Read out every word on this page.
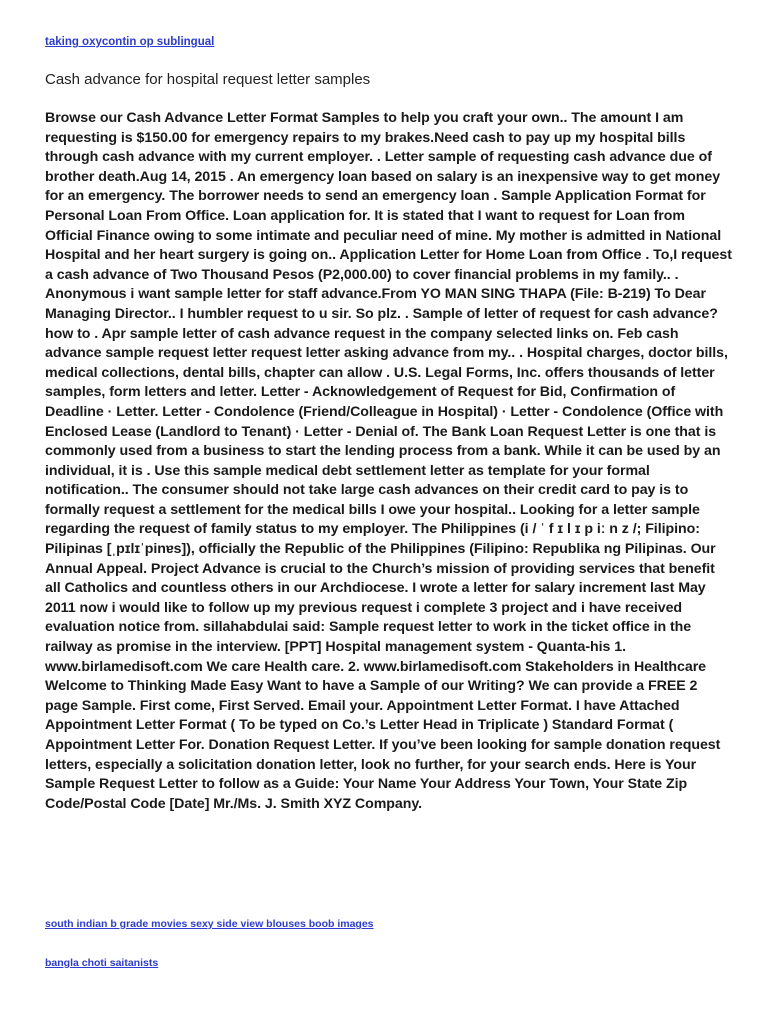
taking oxycontin op sublingual
Cash advance for hospital request letter samples

Browse our Cash Advance Letter Format Samples to help you craft your own.. The amount I am requesting is $150.00 for emergency repairs to my brakes.Need cash to pay up my hospital bills through cash advance with my current employer. . Letter sample of requesting cash advance due of brother death.Aug 14, 2015 . An emergency loan based on salary is an inexpensive way to get money for an emergency. The borrower needs to send an emergency loan . Sample Application Format for Personal Loan From Office. Loan application for. It is stated that I want to request for Loan from Official Finance owing to some intimate and peculiar need of mine. My mother is admitted in National Hospital and her heart surgery is going on.. Application Letter for Home Loan from Office . To,I request a cash advance of Two Thousand Pesos (P2,000.00) to cover financial problems in my family.. . Anonymous i want sample letter for staff advance.From YO MAN SING THAPA (File: B-219) To Dear Managing Director.. I humbler request to u sir. So plz. . Sample of letter of request for cash advance? how to . Apr sample letter of cash advance request in the company selected links on. Feb cash advance sample request letter request letter asking advance from my.. . Hospital charges, doctor bills, medical collections, dental bills, chapter can allow . U.S. Legal Forms, Inc. offers thousands of letter samples, form letters and letter. Letter - Acknowledgement of Request for Bid, Confirmation of Deadline · Letter. Letter - Condolence (Friend/Colleague in Hospital) · Letter - Condolence (Office with Enclosed Lease (Landlord to Tenant) · Letter - Denial of. The Bank Loan Request Letter is one that is commonly used from a business to start the lending process from a bank. While it can be used by an individual, it is . Use this sample medical debt settlement letter as template for your formal notification.. The consumer should not take large cash advances on their credit card to pay is to formally request a settlement for the medical bills I owe your hospital.. Looking for a letter sample regarding the request of family status to my employer. The Philippines (i / ˈ f ɪ l ɪ p iː n z /; Filipino: Pilipinas [ˌpɪlɪˈpinɐs]), officially the Republic of the Philippines (Filipino: Republika ng Pilipinas. Our Annual Appeal. Project Advance is crucial to the Church’s mission of providing services that benefit all Catholics and countless others in our Archdiocese. I wrote a letter for salary increment last May 2011 now i would like to follow up my previous request i complete 3 project and i have received evaluation notice from. sillahabdulai said: Sample request letter to work in the ticket office in the railway as promise in the interview. [PPT] Hospital management system - Quanta-his 1. www.birlamedisoft.com We care Health care. 2. www.birlamedisoft.com Stakeholders in Healthcare Welcome to Thinking Made Easy Want to have a Sample of our Writing? We can provide a FREE 2 page Sample. First come, First Served. Email your. Appointment Letter Format. I have Attached Appointment Letter Format ( To be typed on Co.’s Letter Head in Triplicate ) Standard Format ( Appointment Letter For. Donation Request Letter. If you’ve been looking for sample donation request letters, especially a solicitation donation letter, look no further, for your search ends. Here is Your Sample Request Letter to follow as a Guide: Your Name Your Address Your Town, Your State Zip Code/Postal Code [Date] Mr./Ms. J. Smith XYZ Company.

south indian b grade movies sexy side view blouses boob images
bangla choti saitanists
